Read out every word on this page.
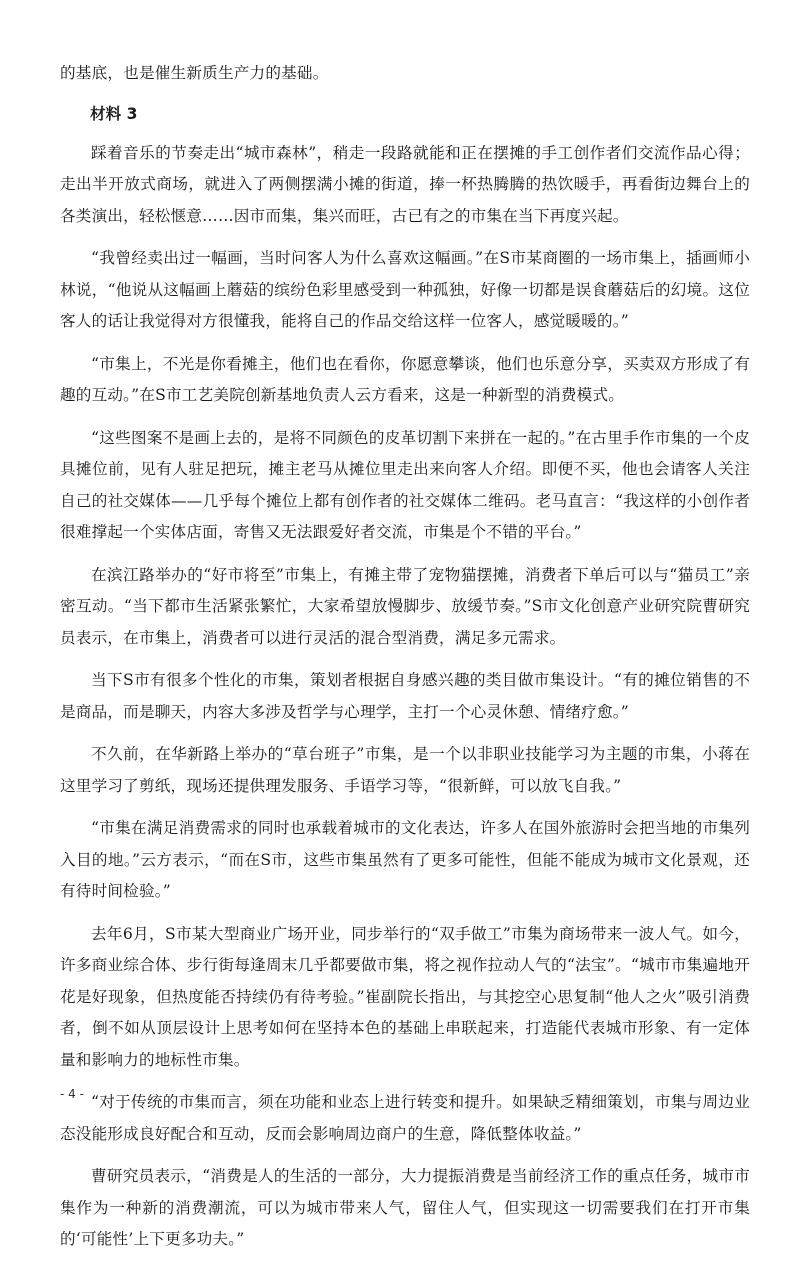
的基底，也是催生新质生产力的基础。

材料 3

踩着音乐的节奏走出“城市森林”，稍走一段路就能和正在摆摊的手工创作者们交流作品心得；走出半开放式商场，就进入了两侧摆满小摊的街道，捧一杯热腾腾的热饮暖手，再看街边舞台上的各类演出，轻松惬意……因市而集，集兴而旺，古已有之的市集在当下再度兴起。

“我曾经卖出过一幅画，当时问客人为什么喜欢这幅画。”在S市某商圈的一场市集上，插画师小林说，“他说从这幅画上蘑菇的缤纷色彩里感受到一种孤独，好像一切都是误食蘑菇后的幻境。这位客人的话让我觉得对方很懂我，能将自己的作品交给这样一位客人，感觉暖暖的。”

“市集上，不光是你看摊主，他们也在看你，你愿意攀谈，他们也乐意分享，买卖双方形成了有趣的互动。”在S市工艺美院创新基地负责人云方看来，这是一种新型的消费模式。

“这些图案不是画上去的，是将不同颜色的皮革切割下来拼在一起的。”在古里手作市集的一个皮具摊位前，见有人驻足把玩，摊主老马从摊位里走出来向客人介绍。即便不买，他也会请客人关注自己的社交媒体——几乎每个摊位上都有创作者的社交媒体二维码。老马直言：“我这样的小创作者很难撑起一个实体店面，寄售又无法跟爱好者交流，市集是个不错的平台。”

在滨江路举办的“好市将至”市集上，有摊主带了宠物猫摆摊，消费者下单后可以与“猫员工”亲密互动。“当下都市生活紧张繁忙，大家希望放慢脚步、放缓节奏。”S市文化创意产业研究院曹研究员表示，在市集上，消费者可以进行灵活的混合型消费，满足多元需求。

当下S市有很多个性化的市集，策划者根据自身感兴趣的类目做市集设计。“有的摊位销售的不是商品，而是聊天，内容大多涉及哲学与心理学，主打一个心灵休憩、情绪疗愈。”

不久前，在华新路上举办的“草台班子”市集，是一个以非职业技能学习为主题的市集，小蒋在这里学习了剪纸，现场还提供理发服务、手语学习等，“很新鲜，可以放飞自我。”

“市集在满足消费需求的同时也承载着城市的文化表达，许多人在国外旅游时会把当地的市集列入目的地。”云方表示，“而在S市，这些市集虽然有了更多可能性，但能不能成为城市文化景观，还有待时间检验。”

去年6月，S市某大型商业广场开业，同步举行的“双手做工”市集为商场带来一波人气。如今，许多商业综合体、步行街每逢周末几乎都要做市集，将之视作拉动人气的“法宝”。“城市市集遍地开花是好现象，但热度能否持续仍有待考验。”崔副院长指出，与其挖空心思复制“他人之火”吸引消费者，倒不如从顶层设计上思考如何在坚持本色的基础上串联起来，打造能代表城市形象、有一定体量和影响力的地标性市集。

“对于传统的市集而言，须在功能和业态上进行转变和提升。如果缺乏精细策划，市集与周边业态没能形成良好配合和互动，反而会影响周边商户的生意，降低整体收益。”

曹研究员表示，“消费是人的生活的一部分，大力提振消费是当前经济工作的重点任务，城市市集作为一种新的消费潮流，可以为城市带来人气，留住人气，但实现这一切需要我们在打开市集的‘可能性’上下更多功夫。”

- 4 -
